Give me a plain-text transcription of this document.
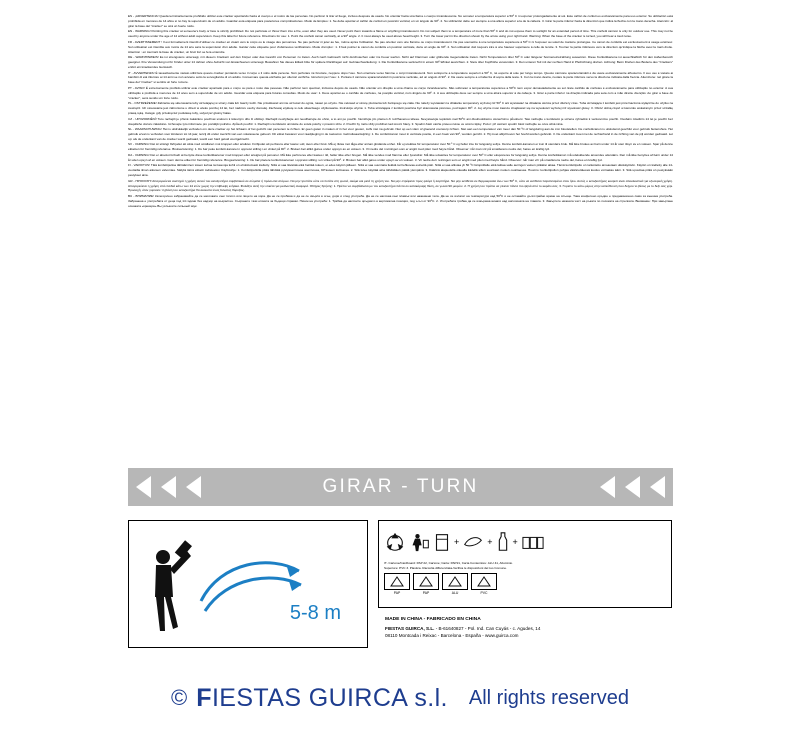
ES - ¡ADVERTENCIA! Queda terminantemente prohibido utilizar este cracker apuntando hacia el cuerpo o el rostro de las personas. No perforar ni tirar al fuego, incluso después de usado. No orientar hacia una llama o cuerpo incandescente. No someter a temperatura superior a 50º C ni exponer prolongadamente al sol. Este cañón de confeti es exclusivamente para uso exterior. Su utilización está prohibida en menores de 14 años si no hay la supervisión de un adulto. Guardar esta etiqueta para posteriores comprobaciones. Modo de Empleo: 1. Se debe apuntar el cañón de confeti en posición vertical, en un ángulo de 90º. 2. Su utilización debe ser siempre a una altura superior a la de la cabeza. 3. Girar la parte inferior hacia la dirección que indica la flecha con la mano derecha. Atención: al girar la base del "cracker" se oirá un fuerte ruido.

EN - WARNING! Pointing this cracker at someone's body or face is strictly prohibited. Do not perforate or throw them into a fire, even after they are used. Never point them towards a flame or anything incandescent. Do not subject them to a temperature of more than 50º C and do not expose them to sunlight for an extended period of time. This confetti cannon is only for outdoor use. This may not be used by anyone under the age of 14 without adult supervision. Keep this label for future reference. Directions for use: 1. Point the confetti canon vertically, at a 90º angle. 2. It must always be used above head height. 3. Turn the lower part in the direction shown by the arrow using your right hand. Warning: When the base of the cracker is turned, you will hear a loud noise.

FR - AVERTISSEMENT ! Il est formellement interdit d'utiliser ce cracker en visant vers le corps ou le visage des personnes. Ne pas perforer ni jeter au feu, même après l'utilisation. Ne pas orienter vers une flamme ou corps incandescent. Ne pas soumettre à une température supérieure à 50º C ni l'exposer au soleil de manière prolongée. Ce canon de confettis est exclusivement à usage extérieur. Son utilisation est interdite aux moins de 14 ans sans la supervision d'un adulte. Garder cette étiquette pour d'ultérieures vérifications. Mode d'emploi : 1. Il faut pointer le canon de confettis en position verticale, dans un angle de 90º. 2. Son utilisation doit toujours être à une hauteur supérieure à celle de la tête. 3. Tourner la partie inférieure vers la direction qu'indique la flèche avec la main droite. Attention : en tournant la base du cracker, un bruit fort se fera entendre.

DE - WARNHINWEIS! Es ist strengstens untersagt, mit diesem Crackern auf den Körper oder das Gesicht von Personen zu zielen. Auch nach Gebrauch nicht durchstechen oder ins Feuer werfen. Nicht auf Flammen oder glühende Gegenstände zielen. Nicht Temperaturen über 50º C oder längerer Sonneneinstrahlung aussetzen. Diese Konfettikanone ist ausschließlich für den Außenbereich geeignet. Ihre Verwendung ist für Kinder unter 14 Jahren ohne Aufsicht von Erwachsenen untersagt. Bewahren Sie dieses Etikett bitte für spätere Rückfragen auf. Gebrauchsanleitung: 1. Die Konfettikanone senkrecht in einem 90º-Winkel ausrichten. 2. Stets über Kopfhöhe verwenden. 3. Den unteren Teil mit der rechten Hand in Pfeilrichtung drehen. Achtung: Beim Drehen des Bodens des "Crackers" ertönt ein knackendes Geräusch.

IT - AVVERTENZA! È tassativamente vietato utilizzare questo cracker puntando verso il corpo o il volto delle persone. Non perforare né bruciare, neppure dopo l'uso. Non orientare verso fiamme o corpi incandescenti. Non sottoporre a temperature superiori a 50º C, né esporre al sole per lungo tempo. Questo cannone sparacoriandoli è da usare esclusivamente all'esterno. Il suo uso è vietato ai bambini di età inferiore ai 14 anni se non avviene sotto la sorveglianza di un adulto. Conservare questa etichetta per ulteriori verifiche. Istruzioni per l'uso: 1. Puntare il cannone sparacoriandoli in posizione verticale, ad un angolo di 90º. 2. Da usare sempre a un'altezza di sopra della testa. 3. Con la mano destra, ruotare la parte inferiore verso la direzione indicata dalla freccia. Attenzione: nel girare la base del "cracker" si sentirà un forte rumore.

PT - AVISO! É extremamente proibido utilizar este cracker apontado para o corpo ou para o rosto das pessoas. Não perfurar nem queimar, inclusive depois de usado. Não orientar em direção a uma chama ou corpo incandescente. Não submeter a temperaturas superiores a 50ºC nem expor demasiadamente ao sol. Este canhão de confetes é exclusivamente para utilização no exterior. A sua utilização é proibida a menores de 14 anos sem a supervisão de um adulto. Guardar esta etiqueta para futuras consultas. Modo de usar: 1. Deve apontar-se o canhão de confetes, na posição vertical, num ângulo de 90º. 2. A sua utilização deve ser sempre a uma altura superior à da cabeça. 3. Girar a parte inferior na direção indicada pela seta com a mão direita. Atenção: Ao girar a base do "cracker", será ouvido um forte ruído.

PL - OSTRZEŻENIE! Zabrania się skierowania tuby strzelającej w strony ciała lub twarzy ludzi. Nie przekłuwać ani nie wrzucać do ognia, nawet po użyciu. Nie celować w stronę płomienia lub żarzącego się ciała. Nie należy wystawiać na działanie temperatury wyższej niż 50º C ani wystawiać na działanie słońca przez dłuższy czas. Tuba strzelająca z konfetti jest przeznaczona wyłącznie do użytku na zewnątrz. Ich stosowanie jest zabronione u dzieci w wieku poniżej 14 lat, bez nadzoru osoby dorosłej. Zachowaj etykietę w celu własciwego użytkowania. Instrukcja użycia: 1. Tuba strzelająca z konfetti powinna być skierowana pionowo, pod kątem 90º. 2. Jej użycie musi zawsze znajdować się na wysokości wyższej niż wysokość głowy. 3. Obróć dolną część w kierunku wskazanym przez strzałkę prawą ręką. Uwaga: gdy przekręcisz podstawę tuby, usłyszysz głośny hałas.

CZ - UPOZORNĚNÍ! Tuto rachejtli je přísně zakázáno používat směrem k tělesným dílu či obličeji. Rachejtli neohýbejte ani neodhazujte do ohně, a to ani po použití. Nemiřujte jim plamen či rozžhavenou tělesa. Nevystavujte teplotám nad 50ºC ani dlouhodobému slunečnímu působení. Tato rachejtle s konfetami je určena výhradně k venkovnímu použití. Osobám mladším 14 let je použití bez dospělého dozoru zakázáno. Uchovejte tyto informace pro pozdější potřebu. Způsob použití: 1. Rachejtli s konfetami umístěte do svislé polohy v pravém úhlu. 2. Použití by mělo vždy probíhat nad úrovní hlavy. 3. Spodní částí otočte pravou rukou ve směru šipky. Pozor: při otočení spodní částí rachejtle se ozve silná rána.

NL - WAARSCHUWING! Het is uitdrukkelijk verboden om deze cracker op het lichaam of het gezicht van personen te richten. Er geen gaten in maken of in het vuur gooien, zelfs niet na gebruik. Niet op een vlam of gloeiend voorwerp richten. Niet aan een temperatuur van meer dan 50 ºC of langduring aan de zon blootstellen. De confetticanon is uitsluitend geschikt voor gebruik buitenshuis. Het gebruik ervan is verboden voor kinderen tot 14 jaar, tenzij dit onder toezicht van een volwassene gebeurt. Dit etiket bewaren voor raadpleging in de toekomst. Gebruiksaanwijzing: 1. De confetticanon moet in verticale positie, in een hoek van 90º, worden gericht. 2. Hij moet altijd boven het hoofd worden gebruikt. 3. De onderkant moet met de rechterhand in de richting van de pijl worden gedraaid. Let op: als de onderkant van de cracker wordt gedraaid, wordt een hard geluid voortgebracht.

SV - VARNING! Det är strängt förbjudet att sikta med smällaren mot kroppen eller ansiktet. Förbjudet att perforera eller kasta i eld, även efter bruk. Må ej riktas mot låga eller annan glödande enhet. Får ej utsättas för temperaturer över 50 º C og heller inte for langvarig sollys. Denne konfetti-kanonen er kun til utendørs bruk. Må ikke brukes av barn under 14 år uten tilsyn av en voksen. Spar på denne etiketten for fremtidig referanse. Bruksanvisning: 1. Du bør peke konfetti-kanonen i oppreist stilling i en vinkel på 90º. 2. Bruken bør alltid gjøres under oppsyn av en voksen. 3. Vri nedre del i retningen som er angitt med pilen med høyre hånd. Observer: når man vrir på smællerens nedre del, høres en kraftig lyd.

DA - VARNING! Det er absolut forbudt at benytte disse konfettikanoner mod kroppen eller ansigtet på personer. Må ikke perforeres eller kastes i ild, heller ikke efter brugen. Må ikke vendes mod flamme eller lysstofrør. Må ikke udsættes for temperaturer over 50º C eller eksponeres for langvarig sollys. Denne konfettikanon må udelukkende anvendes udendørs. Den må ikke benyttes af børn under 14 år uden opsyn af en voksen. Gem denne etiket for fremtidig reference. Brugsanvisning: 1. Du bør placere konfetti-kanonen i oppreist stilling i en vinkel på 90º. 2. Bruken bør altid gøres under opsyn av en voksen. 3. Vri nedre del i retningen som er angitt med pilen med høyre hånd. Observer: når man vrir på smællerens nedre del, høres en kraftig lyd.

FI - VAROITUS! Tätä konfettipulloa tähtääminen toisen kehoa tai kasvoja kohti on ehdottomasti kielletty. Niitä ei saa lävistää eikä heittää tuleen, ei edes käytön jälkeen. Niitä ei saa suunnata liekkiä tai hehkuvaa esinettä päin. Niitä ei saa altistaa yli 50 ºC lämpötilalle eikä laittaa salle auringon valoon pitkäksi aikaa. Tämä konfettipullo on tarkoitettu ainoastaan ulkokäyttöön. Käytön on kielletty alle 14- vuotiailta ilman aikuisen valvontaa. Säilytä tämä etiketti todisteeksi. Käyttöohje: 1. Konfettipullolla pitää tähdätä pystyasennossa asennossa, 90°asteen kulmassa. 2. Sitä tulee käyttää aina tähdättäen päätä ylempänä. 3. Käännä alapuolella oikealla kädellä sillen suuntaan nuolen osoittaessa. Huomio: konfettipullon pohjaa väännettäessä kuuluu voimakas ääni. 3. Sitä upouttaa pitkä on pestyksään pestykset aina.

GR - ΠΡΟΣΟΧΗ! Απαγορεύεται αυστηρά η χρήση αυτού του εκτοξευτήρα συμβατικού σε σώματα ή πρόσωπα ατόμων. Να μην τρυπάτε ούτε να πετάτε στη φωτιά, ακόμα και μετά τη χρήση του. Να μην στρέφεται προς φλόγα ή λαμπτήρα. Να μην εκτίθεται σε θερμοκρασία άνω των 50º C, ούτε να εκτίθεται παρατεταμένα στον ήλιο. Αυτός ο εκτοξευτήρας κονφετί είναι αποκλειστικά για εξωτερική χρήση. Απαγορεύεται η χρήση από παιδιά κάτω των 14 ετών χωρίς την επίβλεψη ενήλικα. Φυλάξτε αυτή την ετικέτα για μελλοντική αναφορά. Οδηγίες Χρήσης: 1. Πρέπει να συμβάλλεται με τον εκτοξευτήρα πάντα σε κατακόρυφη θέση, σε γωνία 90 μοιρών. 2. Η χρήση του πρέπει να γίνεται πάντα πιο ψηλά από το κεφάλι σας. 3. Γυρίστε το κάτω μέρος στην κατεύθυνση που δείχνει το βέλος με το δεξί σας χέρι. Προσοχή: όταν γυρίσετε τη βάση του εκτοξευτήρα θα ακουστεί ένας δυνατός θόρυβος.

BU - ВНИМАНИЕ! Категорично забранявайте да се насочвате към тялото или лицето на хора. Да не се пробива и да не се хвърля в огън, дори и след употреба. Да не се насочва към пламък или нажежени тела. Да не се излагат на температури над 50ºС и не оставайте дълготрайно време на слънце. Това конфетено оръдие е предназначено само за външна употреба. Забранена е употребата от деца под 14 години без надзор на възрастен. Съхранете тази етикета за бъдещи справки. Начин на употреба: 1. Трябва да насочите оръдието в вертикална позиция, под ъгъл от 90ºС. 2. Употребата трябва да се извършва винаги над височината на главата. 3. Завъртете нижната част на ръката по посоката на стрелката. Внимание: При завъртане основата «крекера» Вы услышите сильный звук.

GIRAR - TURN
5-8 m
+	+ +
IT- Cartone/Cardboard: PAP 22, Cartone; Carta: PAP21, Carta Contenitore: ALU 41, Alluminio.
Superiore: PVC 3. Plastica. Raccolta differenziata-Verifica le disposizioni del tuo Comune.
PAP	PAP	ALU	PVC
MADE IN CHINA - FABRICADO EN CHINA
FIESTAS GUIRCA, S.L. - B-61640827 - Pol. Ind. Can Cuyás - c. Agudes, 14
08110 Montcada i Reixac - Barcelona - España - www.guirca.com
© FIESTAS GUIRCA s.l. All rights reserved
